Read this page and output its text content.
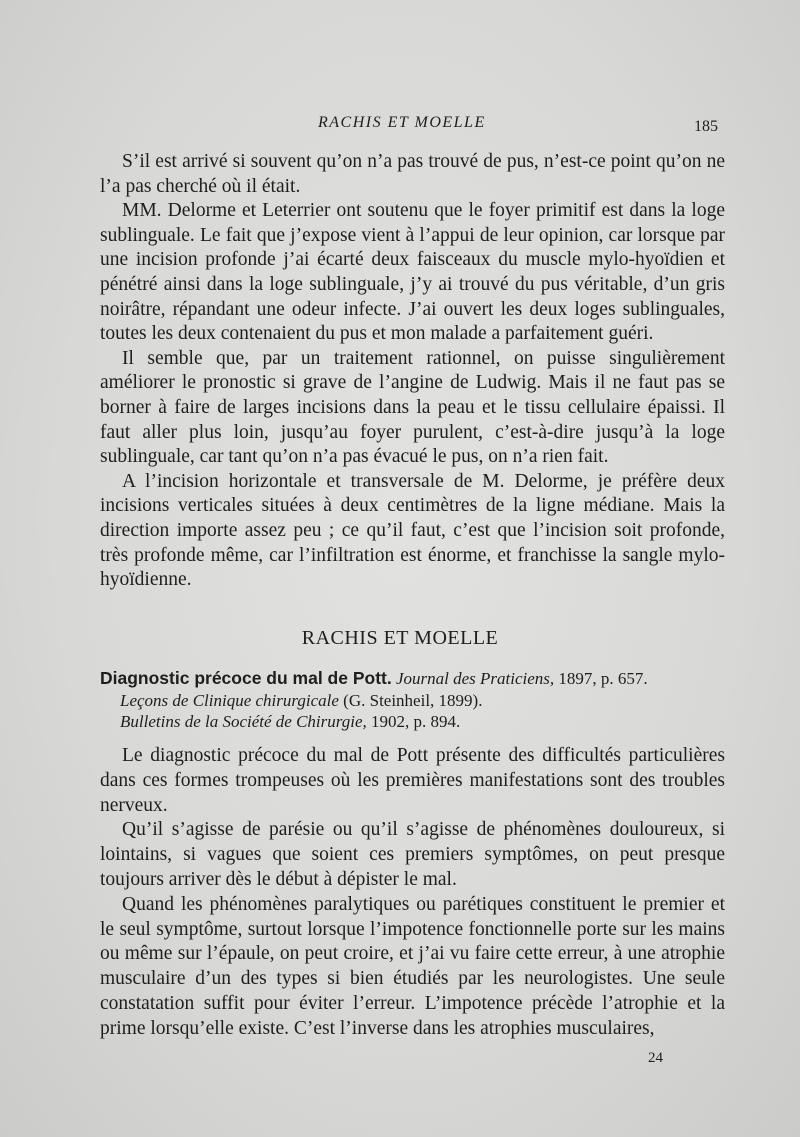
RACHIS ET MOELLE	185

S’il est arrivé si souvent qu’on n’a pas trouvé de pus, n’est-ce point qu’on ne l’a pas cherché où il était.

MM. Delorme et Leterrier ont soutenu que le foyer primitif est dans la loge sublinguale. Le fait que j’expose vient à l’appui de leur opinion, car lorsque par une incision profonde j’ai écarté deux faisceaux du muscle mylo-hyoïdien et pénétré ainsi dans la loge sublinguale, j’y ai trouvé du pus véritable, d’un gris noirâtre, répandant une odeur infecte. J’ai ouvert les deux loges sublinguales, toutes les deux contenaient du pus et mon malade a parfaitement guéri.

Il semble que, par un traitement rationnel, on puisse singulièrement améliorer le pronostic si grave de l’angine de Ludwig. Mais il ne faut pas se borner à faire de larges incisions dans la peau et le tissu cellulaire épaissi. Il faut aller plus loin, jusqu’au foyer purulent, c’est-à-dire jusqu’à la loge sublinguale, car tant qu’on n’a pas évacué le pus, on n’a rien fait.

A l’incision horizontale et transversale de M. Delorme, je préfère deux incisions verticales situées à deux centimètres de la ligne médiane. Mais la direction importe assez peu ; ce qu’il faut, c’est que l’incision soit profonde, très profonde même, car l’infiltration est énorme, et franchisse la sangle mylo-hyoïdienne.

RACHIS ET MOELLE
Diagnostic précoce du mal de Pott. Journal des Praticiens, 1897, p. 657.
Leçons de Clinique chirurgicale (G. Steinheil, 1899).
Bulletins de la Société de Chirurgie, 1902, p. 894.

Le diagnostic précoce du mal de Pott présente des difficultés particulières dans ces formes trompeuses où les premières manifestations sont des troubles nerveux.

Qu’il s’agisse de parésie ou qu’il s’agisse de phénomènes douloureux, si lointains, si vagues que soient ces premiers symptômes, on peut presque toujours arriver dès le début à dépister le mal.

Quand les phénomènes paralytiques ou parétiques constituent le premier et le seul symptôme, surtout lorsque l’impotence fonctionnelle porte sur les mains ou même sur l’épaule, on peut croire, et j’ai vu faire cette erreur, à une atrophie musculaire d’un des types si bien étudiés par les neurologistes. Une seule constatation suffit pour éviter l’erreur. L’impotence précède l’atrophie et la prime lorsqu’elle existe. C’est l’inverse dans les atrophies musculaires,

24
